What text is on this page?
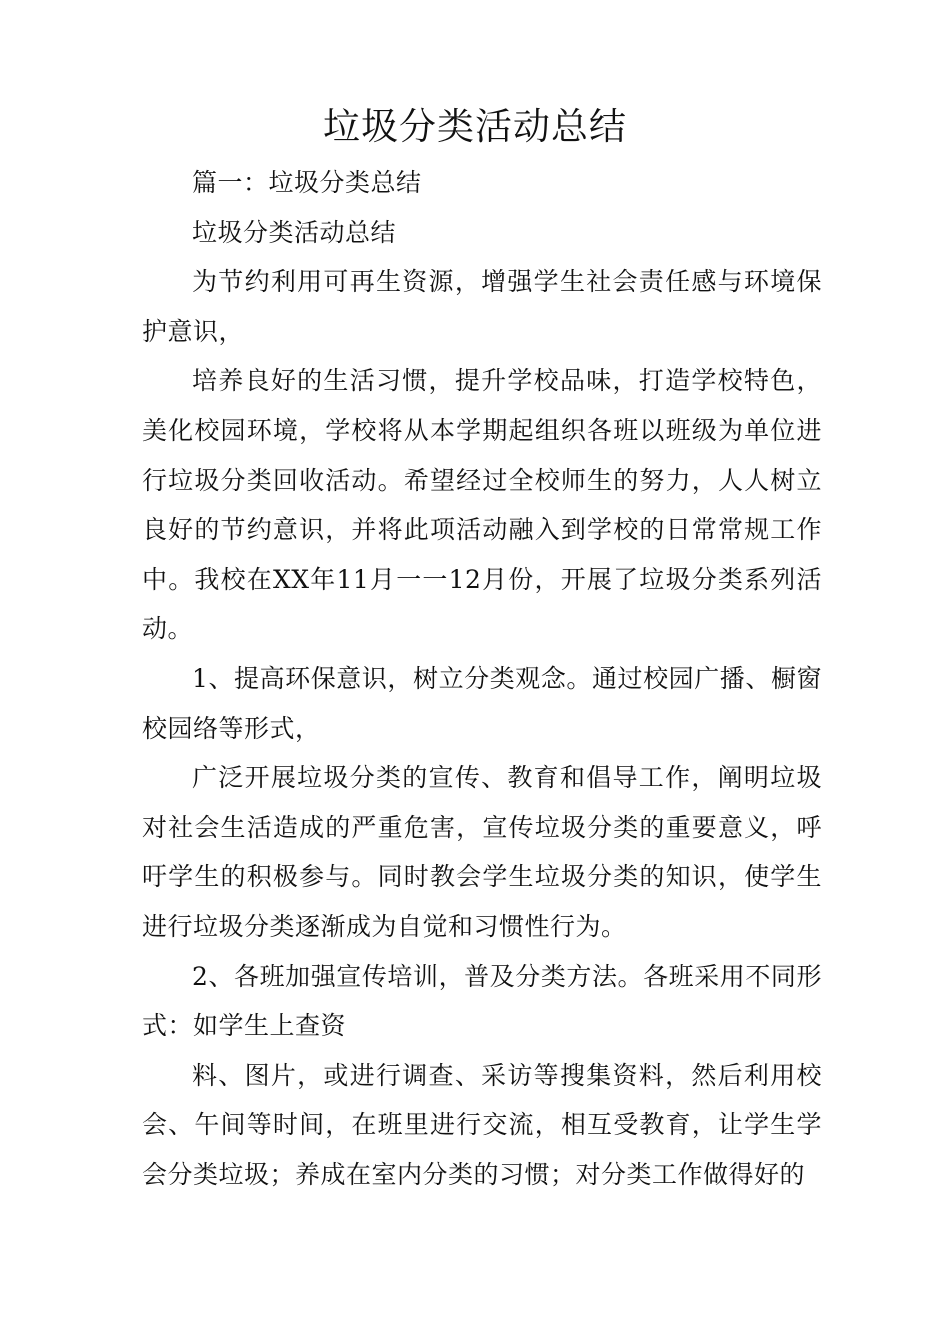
垃圾分类活动总结

篇一：垃圾分类总结

垃圾分类活动总结

为节约利用可再生资源，增强学生社会责任感与环境保护意识，

培养良好的生活习惯，提升学校品味，打造学校特色，美化校园环境，学校将从本学期起组织各班以班级为单位进行垃圾分类回收活动。希望经过全校师生的努力，人人树立良好的节约意识，并将此项活动融入到学校的日常常规工作中。我校在XX年11月一一12月份，开展了垃圾分类系列活动。

1、提高环保意识，树立分类观念。通过校园广播、橱窗校园络等形式，

广泛开展垃圾分类的宣传、教育和倡导工作，阐明垃圾对社会生活造成的严重危害，宣传垃圾分类的重要意义，呼吁学生的积极参与。同时教会学生垃圾分类的知识，使学生进行垃圾分类逐渐成为自觉和习惯性行为。

2、各班加强宣传培训，普及分类方法。各班采用不同形式：如学生上查资

料、图片，或进行调查、采访等搜集资料，然后利用校会、午间等时间，在班里进行交流，相互受教育，让学生学会分类垃圾；养成在室内分类的习惯；对分类工作做得好的
